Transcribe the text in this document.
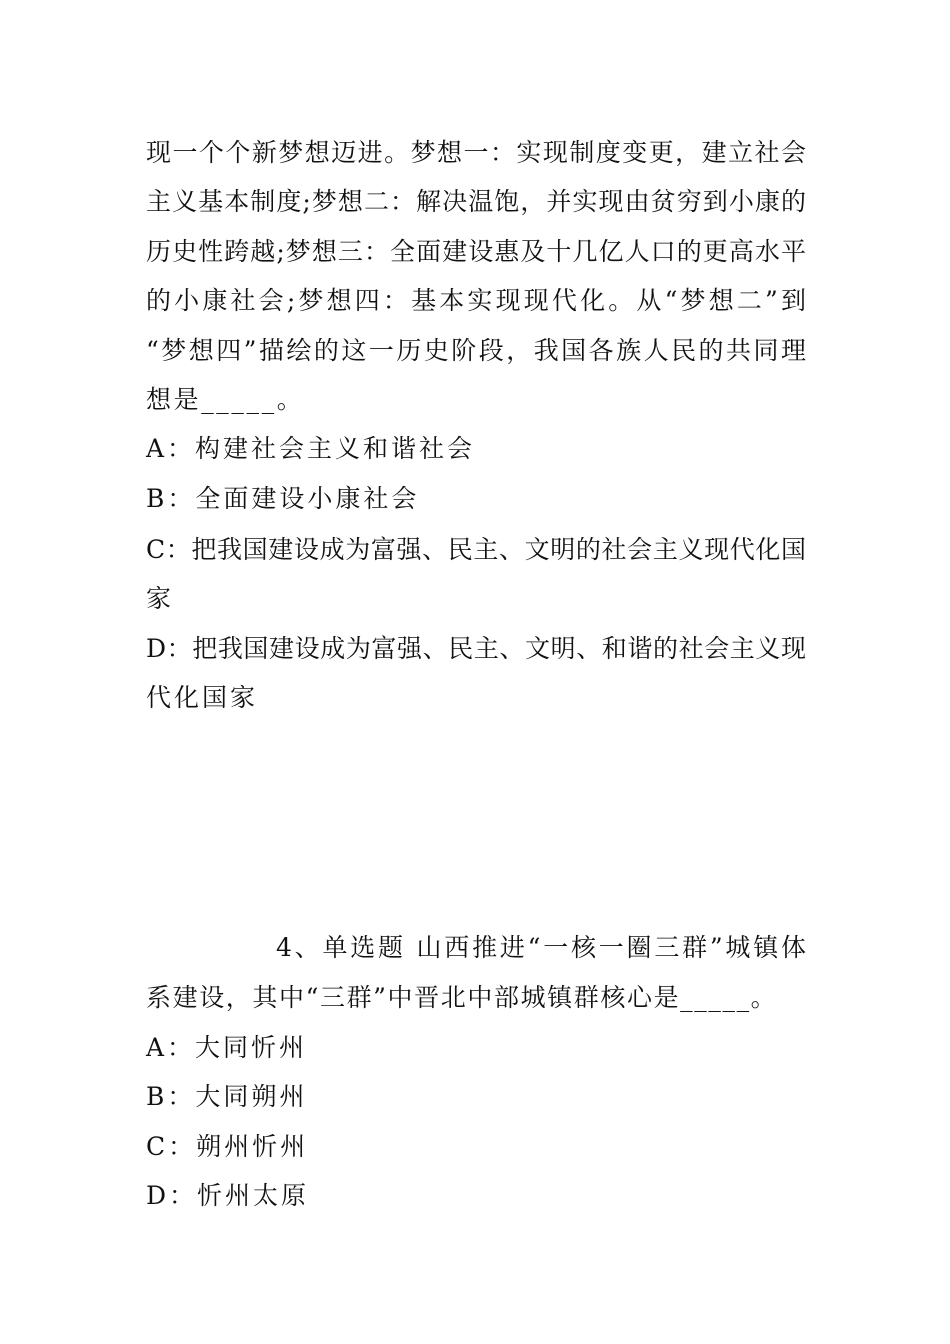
现一个个新梦想迈进。梦想一：实现制度变更，建立社会
主义基本制度;梦想二：解决温饱，并实现由贫穷到小康的
历史性跨越;梦想三：全面建设惠及十几亿人口的更高水平
的小康社会;梦想四：基本实现现代化。从“梦想二”到
“梦想四”描绘的这一历史阶段，我国各族人民的共同理
想是_____。
A：构建社会主义和谐社会
B：全面建设小康社会
C：把我国建设成为富强、民主、文明的社会主义现代化国
家
D：把我国建设成为富强、民主、文明、和谐的社会主义现
代化国家
4、单选题 山西推进“一核一圈三群”城镇体
系建设，其中“三群”中晋北中部城镇群核心是_____。
A：大同忻州
B：大同朔州
C：朔州忻州
D：忻州太原
